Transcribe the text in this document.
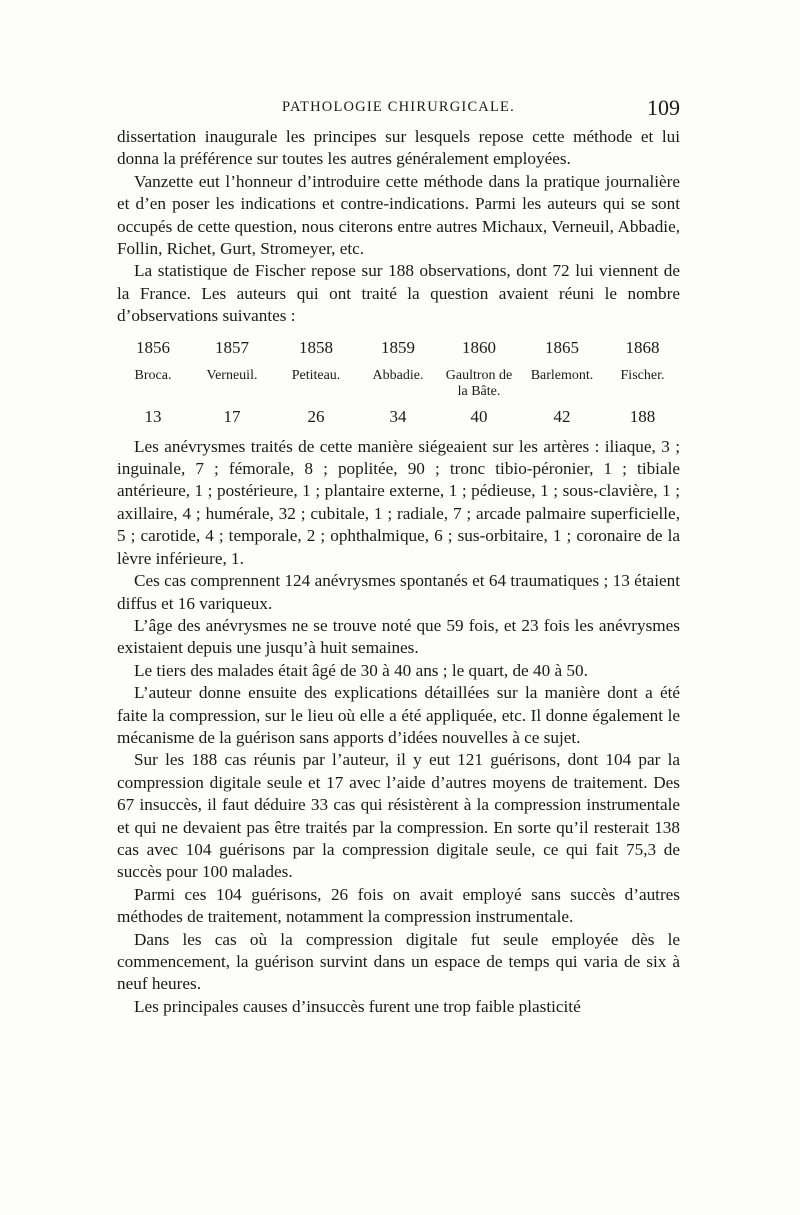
PATHOLOGIE CHIRURGICALE.	109

dissertation inaugurale les principes sur lesquels repose cette méthode et lui donna la préférence sur toutes les autres généralement employées.

Vanzette eut l’honneur d’introduire cette méthode dans la pratique journalière et d’en poser les indications et contre-indications. Parmi les auteurs qui se sont occupés de cette question, nous citerons entre autres Michaux, Verneuil, Abbadie, Follin, Richet, Gurt, Stromeyer, etc.

La statistique de Fischer repose sur 188 observations, dont 72 lui viennent de la France. Les auteurs qui ont traité la question avaient réuni le nombre d’observations suivantes :

1856	1857	1858	1859	1860	1865	1868
Broca.	Verneuil.	Petiteau.	Abbadie.	Gaultron de la Bâte.	Barlemont.	Fischer.
13	17	26	34	40	42	188

Les anévrysmes traités de cette manière siégeaient sur les artères : iliaque, 3 ; inguinale, 7 ; fémorale, 8 ; poplitée, 90 ; tronc tibio-péronier, 1 ; tibiale antérieure, 1 ; postérieure, 1 ; plantaire externe, 1 ; pédieuse, 1 ; sous-clavière, 1 ; axillaire, 4 ; humérale, 32 ; cubitale, 1 ; radiale, 7 ; arcade palmaire superficielle, 5 ; carotide, 4 ; temporale, 2 ; ophthalmique, 6 ; sus-orbitaire, 1 ; coronaire de la lèvre inférieure, 1.

Ces cas comprennent 124 anévrysmes spontanés et 64 traumatiques ; 13 étaient diffus et 16 variqueux.

L’âge des anévrysmes ne se trouve noté que 59 fois, et 23 fois les anévrysmes existaient depuis une jusqu’à huit semaines.

Le tiers des malades était âgé de 30 à 40 ans ; le quart, de 40 à 50.

L’auteur donne ensuite des explications détaillées sur la manière dont a été faite la compression, sur le lieu où elle a été appliquée, etc. Il donne également le mécanisme de la guérison sans apports d’idées nouvelles à ce sujet.

Sur les 188 cas réunis par l’auteur, il y eut 121 guérisons, dont 104 par la compression digitale seule et 17 avec l’aide d’autres moyens de traitement. Des 67 insuccès, il faut déduire 33 cas qui résistèrent à la compression instrumentale et qui ne devaient pas être traités par la compression. En sorte qu’il resterait 138 cas avec 104 guérisons par la compression digitale seule, ce qui fait 75,3 de succès pour 100 malades.

Parmi ces 104 guérisons, 26 fois on avait employé sans succès d’autres méthodes de traitement, notamment la compression instrumentale.

Dans les cas où la compression digitale fut seule employée dès le commencement, la guérison survint dans un espace de temps qui varia de six à neuf heures.

Les principales causes d’insuccès furent une trop faible plasticité
